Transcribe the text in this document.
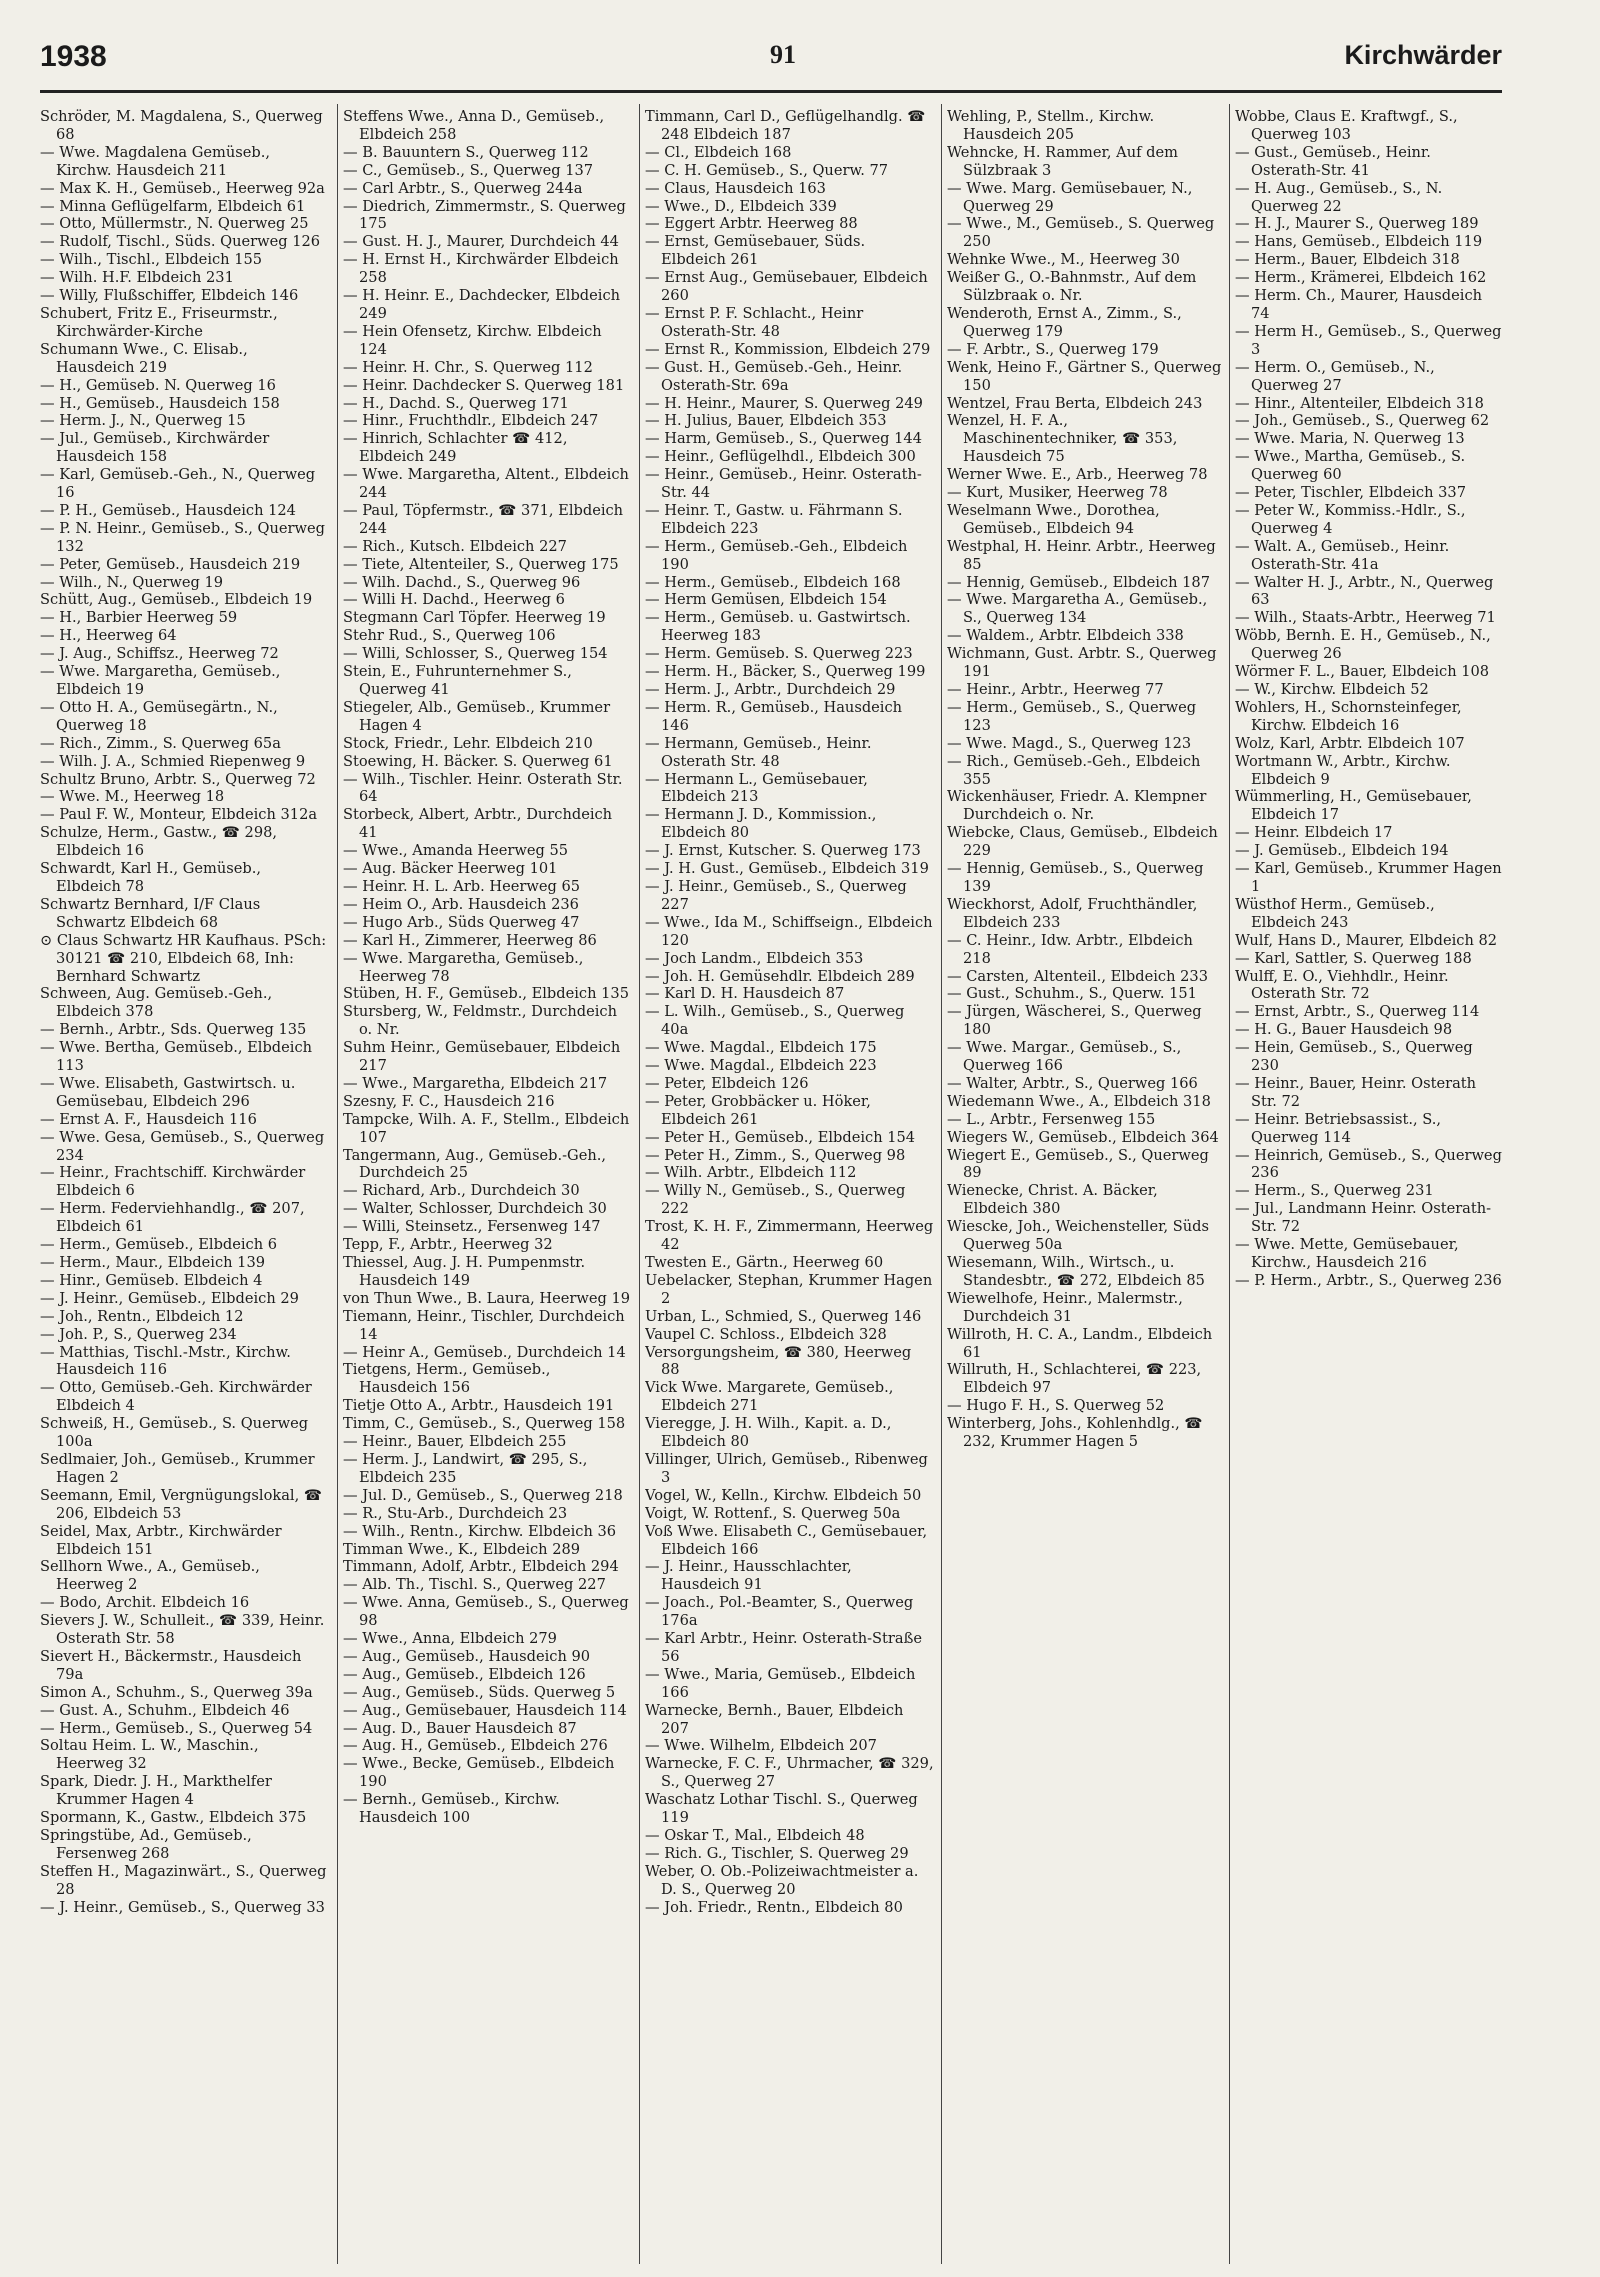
1938	91	Kirchwärder
Schröder, M. Magdalena, S., Querweg 68
— Wwe. Magdalena Gemüseb., Kirchw. Hausdeich 211
— Max K. H., Gemüseb., Heerweg 92a
— Minna Geflügelfarm, Elbdeich 61
— Otto, Müllermstr., N. Querweg 25
— Rudolf, Tischl., Süds. Querweg 126
— Wilh., Tischl., Elbdeich 155
— Wilh. H.F. Elbdeich 231
— Willy, Flußschiffer, Elbdeich 146
Schubert, Fritz E., Friseurmstr., Kirchwärder-Kirche
Schumann Wwe., C. Elisab., Hausdeich 219
— H., Gemüseb. N. Querweg 16
— H., Gemüseb., Hausdeich 158
— Herm. J., N., Querweg 15
— Jul., Gemüseb., Kirchwärder Hausdeich 158
— Karl, Gemüseb.-Geh., N., Querweg 16
— P. H., Gemüseb., Hausdeich 124
— P. N. Heinr., Gemüseb., S., Querweg 132
— Peter, Gemüseb., Hausdeich 219
— Wilh., N., Querweg 19
Schütt, Aug., Gemüseb., Elbdeich 19
— H., Barbier Heerweg 59
— H., Heerweg 64
— J. Aug., Schiffsz., Heerweg 72
— Wwe. Margaretha, Gemüseb., Elbdeich 19
— Otto H. A., Gemüsegärtn., N., Querweg 18
— Rich., Zimm., S. Querweg 65a
— Wilh. J. A., Schmied Riepenweg 9
Schultz Bruno, Arbtr. S., Querweg 72
— Wwe. M., Heerweg 18
— Paul F. W., Monteur, Elbdeich 312a
Schulze, Herm., Gastw., ☎ 298, Elbdeich 16
Schwardt, Karl H., Gemüseb., Elbdeich 78
Schwartz Bernhard, I/F Claus Schwartz Elbdeich 68
⊙ Claus Schwartz HR Kaufhaus. PSch: 30121 ☎ 210, Elbdeich 68, Inh: Bernhard Schwartz
Schween, Aug. Gemüseb.-Geh., Elbdeich 378
— Bernh., Arbtr., Sds. Querweg 135
— Wwe. Bertha, Gemüseb., Elbdeich 113
— Wwe. Elisabeth, Gastwirtsch. u. Gemüsebau, Elbdeich 296
— Ernst A. F., Hausdeich 116
— Wwe. Gesa, Gemüseb., S., Querweg 234
— Heinr., Frachtschiff. Kirchwärder Elbdeich 6
— Herm. Federviehhandlg., ☎ 207, Elbdeich 61
— Herm., Gemüseb., Elbdeich 6
— Herm., Maur., Elbdeich 139
— Hinr., Gemüseb. Elbdeich 4
— J. Heinr., Gemüseb., Elbdeich 29
— Joh., Rentn., Elbdeich 12
— Joh. P., S., Querweg 234
— Matthias, Tischl.-Mstr., Kirchw. Hausdeich 116
— Otto, Gemüseb.-Geh. Kirchwärder Elbdeich 4
Schweiß, H., Gemüseb., S. Querweg 100a
Sedlmaier, Joh., Gemüseb., Krummer Hagen 2
Seemann, Emil, Vergnügungslokal, ☎ 206, Elbdeich 53
Seidel, Max, Arbtr., Kirchwärder Elbdeich 151
Sellhorn Wwe., A., Gemüseb., Heerweg 2
— Bodo, Archit. Elbdeich 16
Sievers J. W., Schulleit., ☎ 339, Heinr. Osterath Str. 58
Sievert H., Bäckermstr., Hausdeich 79a
Simon A., Schuhm., S., Querweg 39a
— Gust. A., Schuhm., Elbdeich 46
— Herm., Gemüseb., S., Querweg 54
Soltau Heim. L. W., Maschin., Heerweg 32
Spark, Diedr. J. H., Markthelfer Krummer Hagen 4
Spormann, K., Gastw., Elbdeich 375
Springstübe, Ad., Gemüseb., Fersenweg 268
Steffen H., Magazinwärt., S., Querweg 28
— J. Heinr., Gemüseb., S., Querweg 33
Steffens Wwe., Anna D., Gemüseb., Elbdeich 258
— B. Bauuntern S., Querweg 112
— C., Gemüseb., S., Querweg 137
— Carl Arbtr., S., Querweg 244a
— Diedrich, Zimmermstr., S. Querweg 175
— Gust. H. J., Maurer, Durchdeich 44
— H. Ernst H., Kirchwärder Elbdeich 258
— H. Heinr. E., Dachdecker, Elbdeich 249
— Hein Ofensetz, Kirchw. Elbdeich 124
— Heinr. H. Chr., S. Querweg 112
— Heinr. Dachdecker S. Querweg 181
— H., Dachd. S., Querweg 171
— Hinr., Fruchthdlr., Elbdeich 247
— Hinrich, Schlachter ☎ 412, Elbdeich 249
— Wwe. Margaretha, Altent., Elbdeich 244
— Paul, Töpfermstr., ☎ 371, Elbdeich 244
— Rich., Kutsch. Elbdeich 227
— Tiete, Altenteiler, S., Querweg 175
— Wilh. Dachd., S., Querweg 96
— Willi H. Dachd., Heerweg 6
Stegmann Carl Töpfer. Heerweg 19
Stehr Rud., S., Querweg 106
— Willi, Schlosser, S., Querweg 154
Stein, E., Fuhrunternehmer S., Querweg 41
Stiegeler, Alb., Gemüseb., Krummer Hagen 4
Stock, Friedr., Lehr. Elbdeich 210
Stoewing, H. Bäcker. S. Querweg 61
— Wilh., Tischler. Heinr. Osterath Str. 64
Storbeck, Albert, Arbtr., Durchdeich 41
— Wwe., Amanda Heerweg 55
— Aug. Bäcker Heerweg 101
— Heinr. H. L. Arb. Heerweg 65
— Heim O., Arb. Hausdeich 236
— Hugo Arb., Süds Querweg 47
— Karl H., Zimmerer, Heerweg 86
— Wwe. Margaretha, Gemüseb., Heerweg 78
Stüben, H. F., Gemüseb., Elbdeich 135
Stursberg, W., Feldmstr., Durchdeich o. Nr.
Suhm Heinr., Gemüsebauer, Elbdeich 217
— Wwe., Margaretha, Elbdeich 217
Szesny, F. C., Hausdeich 216
Tampcke, Wilh. A. F., Stellm., Elbdeich 107
Tangermann, Aug., Gemüseb.-Geh., Durchdeich 25
— Richard, Arb., Durchdeich 30
— Walter, Schlosser, Durchdeich 30
— Willi, Steinsetz., Fersenweg 147
Tepp, F., Arbtr., Heerweg 32
Thiessel, Aug. J. H. Pumpenmstr. Hausdeich 149
von Thun Wwe., B. Laura, Heerweg 19
Tiemann, Heinr., Tischler, Durchdeich 14
— Heinr A., Gemüseb., Durchdeich 14
Tietgens, Herm., Gemüseb., Hausdeich 156
Tietje Otto A., Arbtr., Hausdeich 191
Timm, C., Gemüseb., S., Querweg 158
— Heinr., Bauer, Elbdeich 255
— Herm. J., Landwirt, ☎ 295, S., Elbdeich 235
— Jul. D., Gemüseb., S., Querweg 218
— R., Stu-Arb., Durchdeich 23
— Wilh., Rentn., Kirchw. Elbdeich 36
Timman Wwe., K., Elbdeich 289
Timmann, Adolf, Arbtr., Elbdeich 294
— Alb. Th., Tischl. S., Querweg 227
— Wwe. Anna, Gemüseb., S., Querweg 98
— Wwe., Anna, Elbdeich 279
— Aug., Gemüseb., Hausdeich 90
— Aug., Gemüseb., Elbdeich 126
— Aug., Gemüseb., Süds. Querweg 5
— Aug., Gemüsebauer, Hausdeich 114
— Aug. D., Bauer Hausdeich 87
— Aug. H., Gemüseb., Elbdeich 276
— Wwe., Becke, Gemüseb., Elbdeich 190
— Bernh., Gemüseb., Kirchw. Hausdeich 100
Timmann, Carl D., Geflügelhandlg. ☎ 248 Elbdeich 187
— Cl., Elbdeich 168
— C. H. Gemüseb., S., Querw. 77
— Claus, Hausdeich 163
— Wwe., D., Elbdeich 339
— Eggert Arbtr. Heerweg 88
— Ernst, Gemüsebauer, Süds. Elbdeich 261
— Ernst Aug., Gemüsebauer, Elbdeich 260
— Ernst P. F. Schlacht., Heinr Osterath-Str. 48
— Ernst R., Kommission, Elbdeich 279
— Gust. H., Gemüseb.-Geh., Heinr. Osterath-Str. 69a
— H. Heinr., Maurer, S. Querweg 249
— H. Julius, Bauer, Elbdeich 353
— Harm, Gemüseb., S., Querweg 144
— Heinr., Geflügelhdl., Elbdeich 300
— Heinr., Gemüseb., Heinr. Osterath-Str. 44
— Heinr. T., Gastw. u. Fährmann S. Elbdeich 223
— Herm., Gemüseb.-Geh., Elbdeich 190
— Herm., Gemüseb., Elbdeich 168
— Herm Gemüsen, Elbdeich 154
— Herm., Gemüseb. u. Gastwirtsch. Heerweg 183
— Herm. Gemüseb. S. Querweg 223
— Herm. H., Bäcker, S., Querweg 199
— Herm. J., Arbtr., Durchdeich 29
— Herm. R., Gemüseb., Hausdeich 146
— Hermann, Gemüseb., Heinr. Osterath Str. 48
— Hermann L., Gemüsebauer, Elbdeich 213
— Hermann J. D., Kommission., Elbdeich 80
— J. Ernst, Kutscher. S. Querweg 173
— J. H. Gust., Gemüseb., Elbdeich 319
— J. Heinr., Gemüseb., S., Querweg 227
— Wwe., Ida M., Schiffseign., Elbdeich 120
— Joch Landm., Elbdeich 353
— Joh. H. Gemüsehdlr. Elbdeich 289
— Karl D. H. Hausdeich 87
— L. Wilh., Gemüseb., S., Querweg 40a
— Wwe. Magdal., Elbdeich 175
— Wwe. Magdal., Elbdeich 223
— Peter, Elbdeich 126
— Peter, Grobbäcker u. Höker, Elbdeich 261
— Peter H., Gemüseb., Elbdeich 154
— Peter H., Zimm., S., Querweg 98
— Wilh. Arbtr., Elbdeich 112
— Willy N., Gemüseb., S., Querweg 222
Trost, K. H. F., Zimmermann, Heerweg 42
Twesten E., Gärtn., Heerweg 60
Uebelacker, Stephan, Krummer Hagen 2
Urban, L., Schmied, S., Querweg 146
Vaupel C. Schloss., Elbdeich 328
Versorgungsheim, ☎ 380, Heerweg 88
Vick Wwe. Margarete, Gemüseb., Elbdeich 271
Viereggе, J. H. Wilh., Kapit. a. D., Elbdeich 80
Villinger, Ulrich, Gemüseb., Ribenweg 3
Vogel, W., Kelln., Kirchw. Elbdeich 50
Voigt, W. Rottenf., S. Querweg 50a
Voß Wwe. Elisabeth C., Gemüsebauer, Elbdeich 166
— J. Heinr., Hausschlachter, Hausdeich 91
— Joach., Pol.-Beamter, S., Querweg 176a
— Karl Arbtr., Heinr. Osterath-Straße 56
— Wwe., Maria, Gemüseb., Elbdeich 166
Warnecke, Bernh., Bauer, Elbdeich 207
— Wwe. Wilhelm, Elbdeich 207
Warnecke, F. C. F., Uhrmacher, ☎ 329, S., Querweg 27
Waschatz Lothar Tischl. S., Querweg 119
— Oskar T., Mal., Elbdeich 48
— Rich. G., Tischler, S. Querweg 29
Weber, O. Ob.-Polizeiwachtmeister a. D. S., Querweg 20
— Joh. Friedr., Rentn., Elbdeich 80
Wehling, P., Stellm., Kirchw. Hausdeich 205
Wehncke, H. Rammer, Auf dem Sülzbraak 3
— Wwe. Marg. Gemüsebauer, N., Querweg 29
— Wwe., M., Gemüseb., S. Querweg 250
Wehnke Wwe., M., Heerweg 30
Weißer G., O.-Bahnmstr., Auf dem Sülzbraak o. Nr.
Wenderoth, Ernst A., Zimm., S., Querweg 179
— F. Arbtr., S., Querweg 179
Wenk, Heino F., Gärtner S., Querweg 150
Wentzel, Frau Berta, Elbdeich 243
Wenzel, H. F. A., Maschinentechniker, ☎ 353, Hausdeich 75
Werner Wwe. E., Arb., Heerweg 78
— Kurt, Musiker, Heerweg 78
Weselmann Wwe., Dorothea, Gemüseb., Elbdeich 94
Westphal, H. Heinr. Arbtr., Heerweg 85
— Hennig, Gemüseb., Elbdeich 187
— Wwe. Margaretha A., Gemüseb., S., Querweg 134
— Waldem., Arbtr. Elbdeich 338
Wichmann, Gust. Arbtr. S., Querweg 191
— Heinr., Arbtr., Heerweg 77
— Herm., Gemüseb., S., Querweg 123
— Wwe. Magd., S., Querweg 123
— Rich., Gemüseb.-Geh., Elbdeich 355
Wickenhäuser, Friedr. A. Klempner Durchdeich o. Nr.
Wiebcke, Claus, Gemüseb., Elbdeich 229
— Hennig, Gemüseb., S., Querweg 139
Wieckhorst, Adolf, Fruchthändler, Elbdeich 233
— C. Heinr., Idw. Arbtr., Elbdeich 218
— Carsten, Altenteil., Elbdeich 233
— Gust., Schuhm., S., Querw. 151
— Jürgen, Wäscherei, S., Querweg 180
— Wwe. Margar., Gemüseb., S., Querweg 166
— Walter, Arbtr., S., Querweg 166
Wiedemann Wwe., A., Elbdeich 318
— L., Arbtr., Fersenweg 155
Wiegers W., Gemüseb., Elbdeich 364
Wiegert E., Gemüseb., S., Querweg 89
Wienecke, Christ. A. Bäcker, Elbdeich 380
Wiescke, Joh., Weichensteller, Süds Querweg 50a
Wiesemann, Wilh., Wirtsch., u. Standesbtr., ☎ 272, Elbdeich 85
Wiewelhofe, Heinr., Malermstr., Durchdeich 31
Willroth, H. C. A., Landm., Elbdeich 61
Willruth, H., Schlachterei, ☎ 223, Elbdeich 97
— Hugo F. H., S. Querweg 52
Winterberg, Johs., Kohlenhdlg., ☎ 232, Krummer Hagen 5
Wobbe, Claus E. Kraftwgf., S., Querweg 103
— Gust., Gemüseb., Heinr. Osterath-Str. 41
— H. Aug., Gemüseb., S., N. Querweg 22
— H. J., Maurer S., Querweg 189
— Hans, Gemüseb., Elbdeich 119
— Herm., Bauer, Elbdeich 318
— Herm., Krämerei, Elbdeich 162
— Herm. Ch., Maurer, Hausdeich 74
— Herm H., Gemüseb., S., Querweg 3
— Herm. O., Gemüseb., N., Querweg 27
— Hinr., Altenteiler, Elbdeich 318
— Joh., Gemüseb., S., Querweg 62
— Wwe. Maria, N. Querweg 13
— Wwe., Martha, Gemüseb., S. Querweg 60
— Peter, Tischler, Elbdeich 337
— Peter W., Kommiss.-Hdlr., S., Querweg 4
— Walt. A., Gemüseb., Heinr. Osterath-Str. 41a
— Walter H. J., Arbtr., N., Querweg 63
— Wilh., Staats-Arbtr., Heerweg 71
Wöbb, Bernh. E. H., Gemüseb., N., Querweg 26
Wörmer F. L., Bauer, Elbdeich 108
— W., Kirchw. Elbdeich 52
Wohlers, H., Schornsteinfeger, Kirchw. Elbdeich 16
Wolz, Karl, Arbtr. Elbdeich 107
Wortmann W., Arbtr., Kirchw. Elbdeich 9
Wümmerling, H., Gemüsebauer, Elbdeich 17
— Heinr. Elbdeich 17
— J. Gemüseb., Elbdeich 194
— Karl, Gemüseb., Krummer Hagen 1
Wüsthof Herm., Gemüseb., Elbdeich 243
Wulf, Hans D., Maurer, Elbdeich 82
— Karl, Sattler, S. Querweg 188
Wulff, E. O., Viehhdlr., Heinr. Osterath Str. 72
— Ernst, Arbtr., S., Querweg 114
— H. G., Bauer Hausdeich 98
— Hein, Gemüseb., S., Querweg 230
— Heinr., Bauer, Heinr. Osterath Str. 72
— Heinr. Betriebsassist., S., Querweg 114
— Heinrich, Gemüseb., S., Querweg 236
— Herm., S., Querweg 231
— Jul., Landmann Heinr. Osterath-Str. 72
— Wwe. Mette, Gemüsebauer, Kirchw., Hausdeich 216
— P. Herm., Arbtr., S., Querweg 236
